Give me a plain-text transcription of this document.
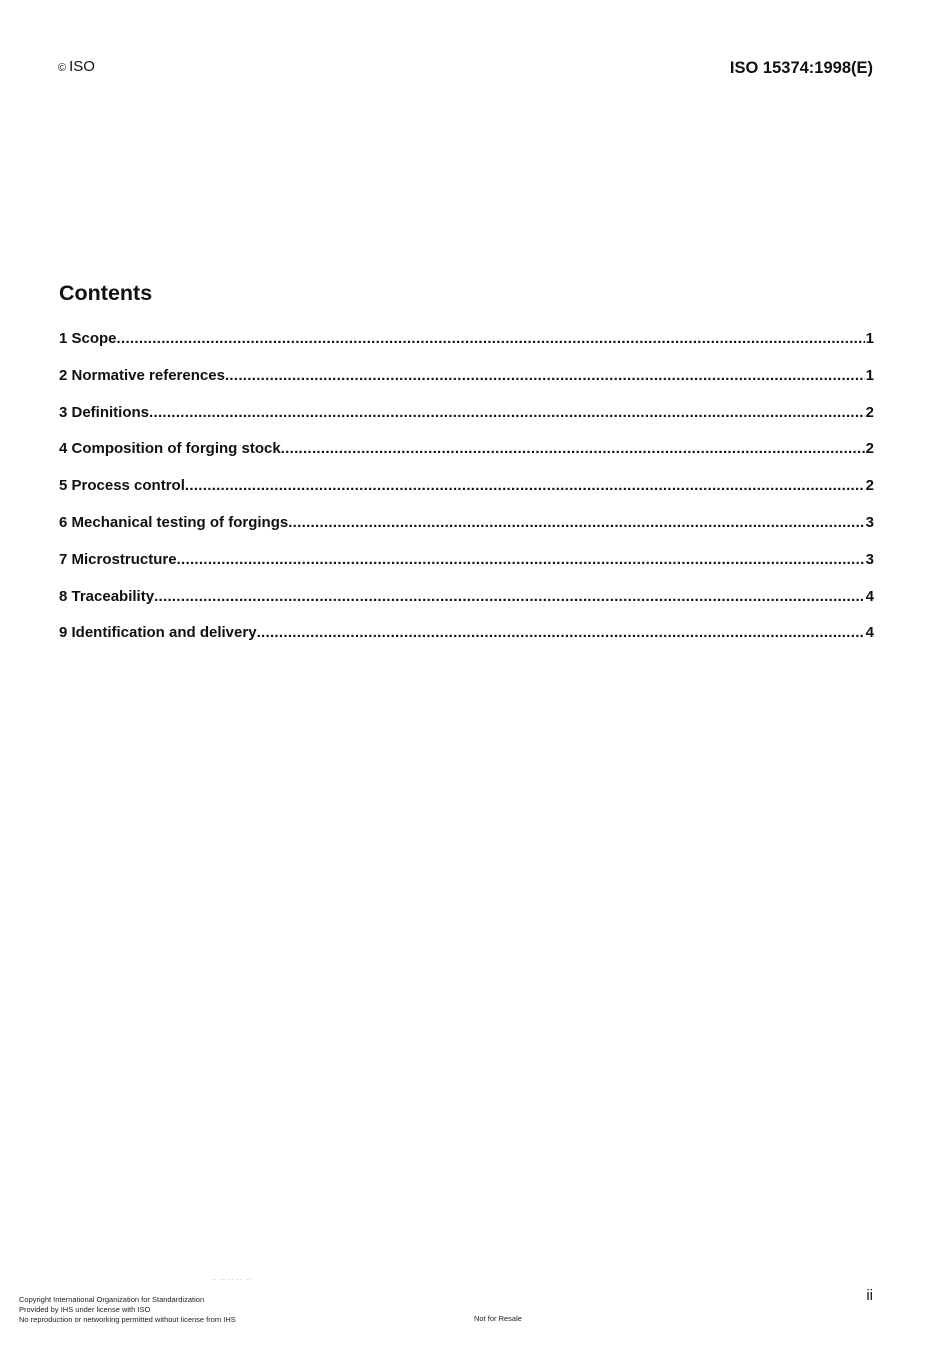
© ISO	ISO 15374:1998(E)
Contents
1 Scope .....	1
2 Normative references .....	1
3 Definitions .....	2
4 Composition of forging stock .....	2
5 Process control .....	2
6 Mechanical testing of forgings .....	3
7 Microstructure .....	3
8 Traceability .....	4
9 Identification and delivery .....	4
-- -- -- -- --
ii
Copyright International Organization for Standardization
Provided by IHS under license with ISO
No reproduction or networking permitted without license from IHS	Not for Resale
